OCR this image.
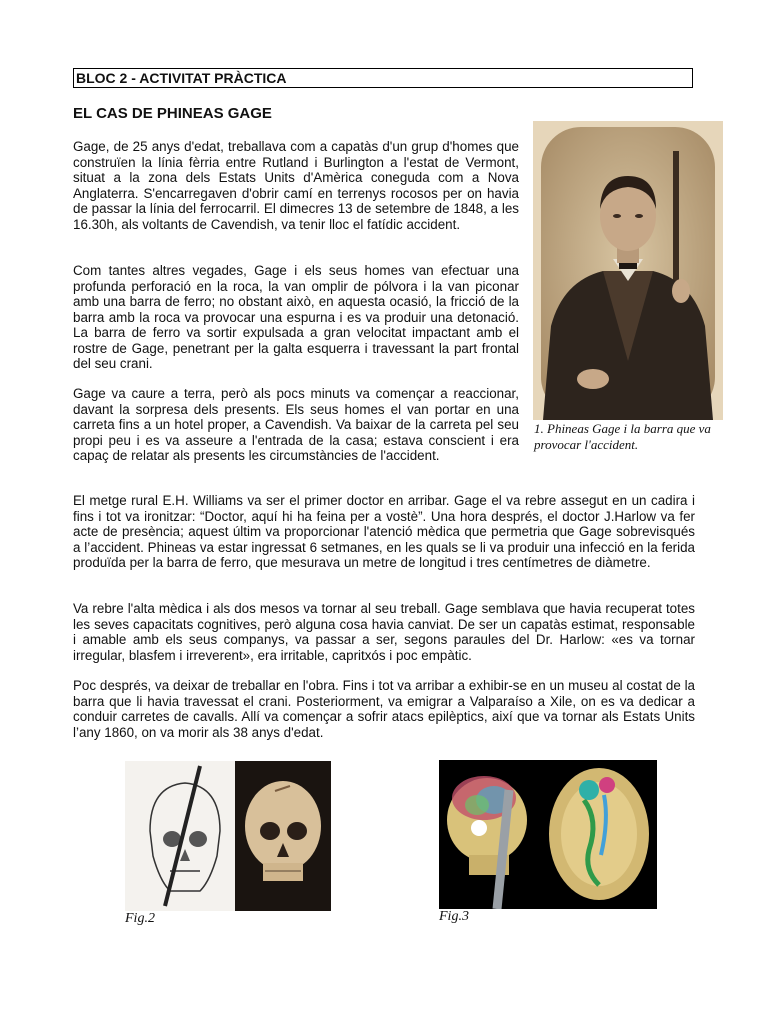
BLOC 2 - ACTIVITAT PRÀCTICA
EL CAS DE PHINEAS GAGE

Gage, de 25 anys d'edat, treballava com a capatàs d'un grup d'homes que construïen la línia fèrria entre Rutland i Burlington a l'estat de Vermont, situat a la zona dels Estats Units d'Amèrica coneguda com a Nova Anglaterra. S'encarregaven d'obrir camí en terrenys rocosos per on havia de passar la línia del ferrocarril. El dimecres 13 de setembre de 1848, a les 16.30h, als voltants de Cavendish, va tenir lloc el fatídic accident.

Com tantes altres vegades, Gage i els seus homes van efectuar una profunda perforació en la roca, la van omplir de pólvora i la van piconar amb una barra de ferro; no obstant això, en aquesta ocasió, la fricció de la barra amb la roca va provocar una espurna i es va produir una detonació. La barra de ferro va sortir expulsada a gran velocitat impactant amb el rostre de Gage, penetrant per la galta esquerra i travessant la part frontal del seu crani.

Gage va caure a terra, però als pocs minuts va començar a reaccionar, davant la sorpresa dels presents. Els seus homes el van portar en una carreta fins a un hotel proper, a Cavendish. Va baixar de la carreta pel seu propi peu i es va asseure a l'entrada de la casa; estava conscient i era capaç de relatar als presents les circumstàncies de l'accident.

El metge rural E.H. Williams va ser el primer doctor en arribar. Gage el va rebre assegut en un cadira i fins i tot va ironitzar: “Doctor, aquí hi ha feina per a vostè”. Una hora després, el doctor J.Harlow va fer acte de presència; aquest últim va proporcionar l'atenció mèdica que permetria que Gage sobrevisqués a l’accident. Phineas va estar ingressat 6 setmanes, en les quals se li va produir una infecció en la ferida produïda per la barra de ferro, que mesurava un metre de longitud i tres centímetres de diàmetre.

Va rebre l'alta mèdica i als dos mesos va tornar al seu treball. Gage semblava que havia recuperat totes les seves capacitats cognitives, però alguna cosa havia canviat. De ser un capatàs estimat, responsable i amable amb els seus companys, va passar a ser, segons paraules del Dr. Harlow: «es va tornar irregular, blasfem i irreverent», era irritable, capritxós i poc empàtic.

Poc després, va deixar de treballar en l'obra. Fins i tot va arribar a exhibir-se en un museu al costat de la barra que li havia travessat el crani. Posteriorment, va emigrar a Valparaíso a Xile, on es va dedicar a conduir carretes de cavalls. Allí va començar a sofrir atacs epilèptics, així que va tornar als Estats Units l’any 1860, on va morir als 38 anys d'edat.

1. Phineas Gage i la barra que va provocar l'accident.
Fig.2	Fig.3
